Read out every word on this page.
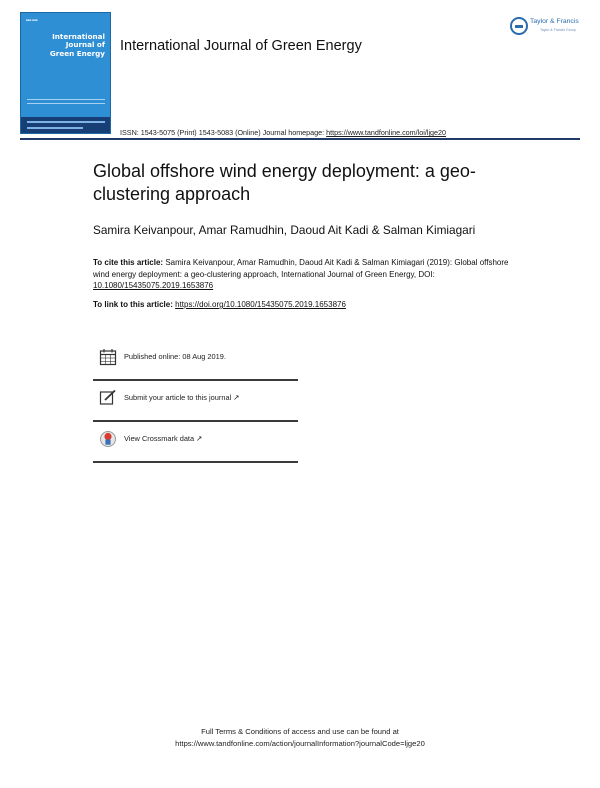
■■■ ■■■
International
Journal of
Green Energy International Journal of Green Energy
Taylor & Francis
Taylor & Francis Group
ISSN: 1543-5075 (Print) 1543-5083 (Online) Journal homepage: https://www.tandfonline.com/loi/ljge20
Global offshore wind energy deployment: a geo-clustering approach
Samira Keivanpour, Amar Ramudhin, Daoud Ait Kadi & Salman Kimiagari
To cite this article: Samira Keivanpour, Amar Ramudhin, Daoud Ait Kadi & Salman Kimiagari (2019): Global offshore wind energy deployment: a geo-clustering approach, International Journal of Green Energy, DOI: 10.1080/15435075.2019.1653876
To link to this article: https://doi.org/10.1080/15435075.2019.1653876
Published online: 08 Aug 2019.
Submit your article to this journal ↗
View Crossmark data ↗
Full Terms & Conditions of access and use can be found at
https://www.tandfonline.com/action/journalInformation?journalCode=ljge20
